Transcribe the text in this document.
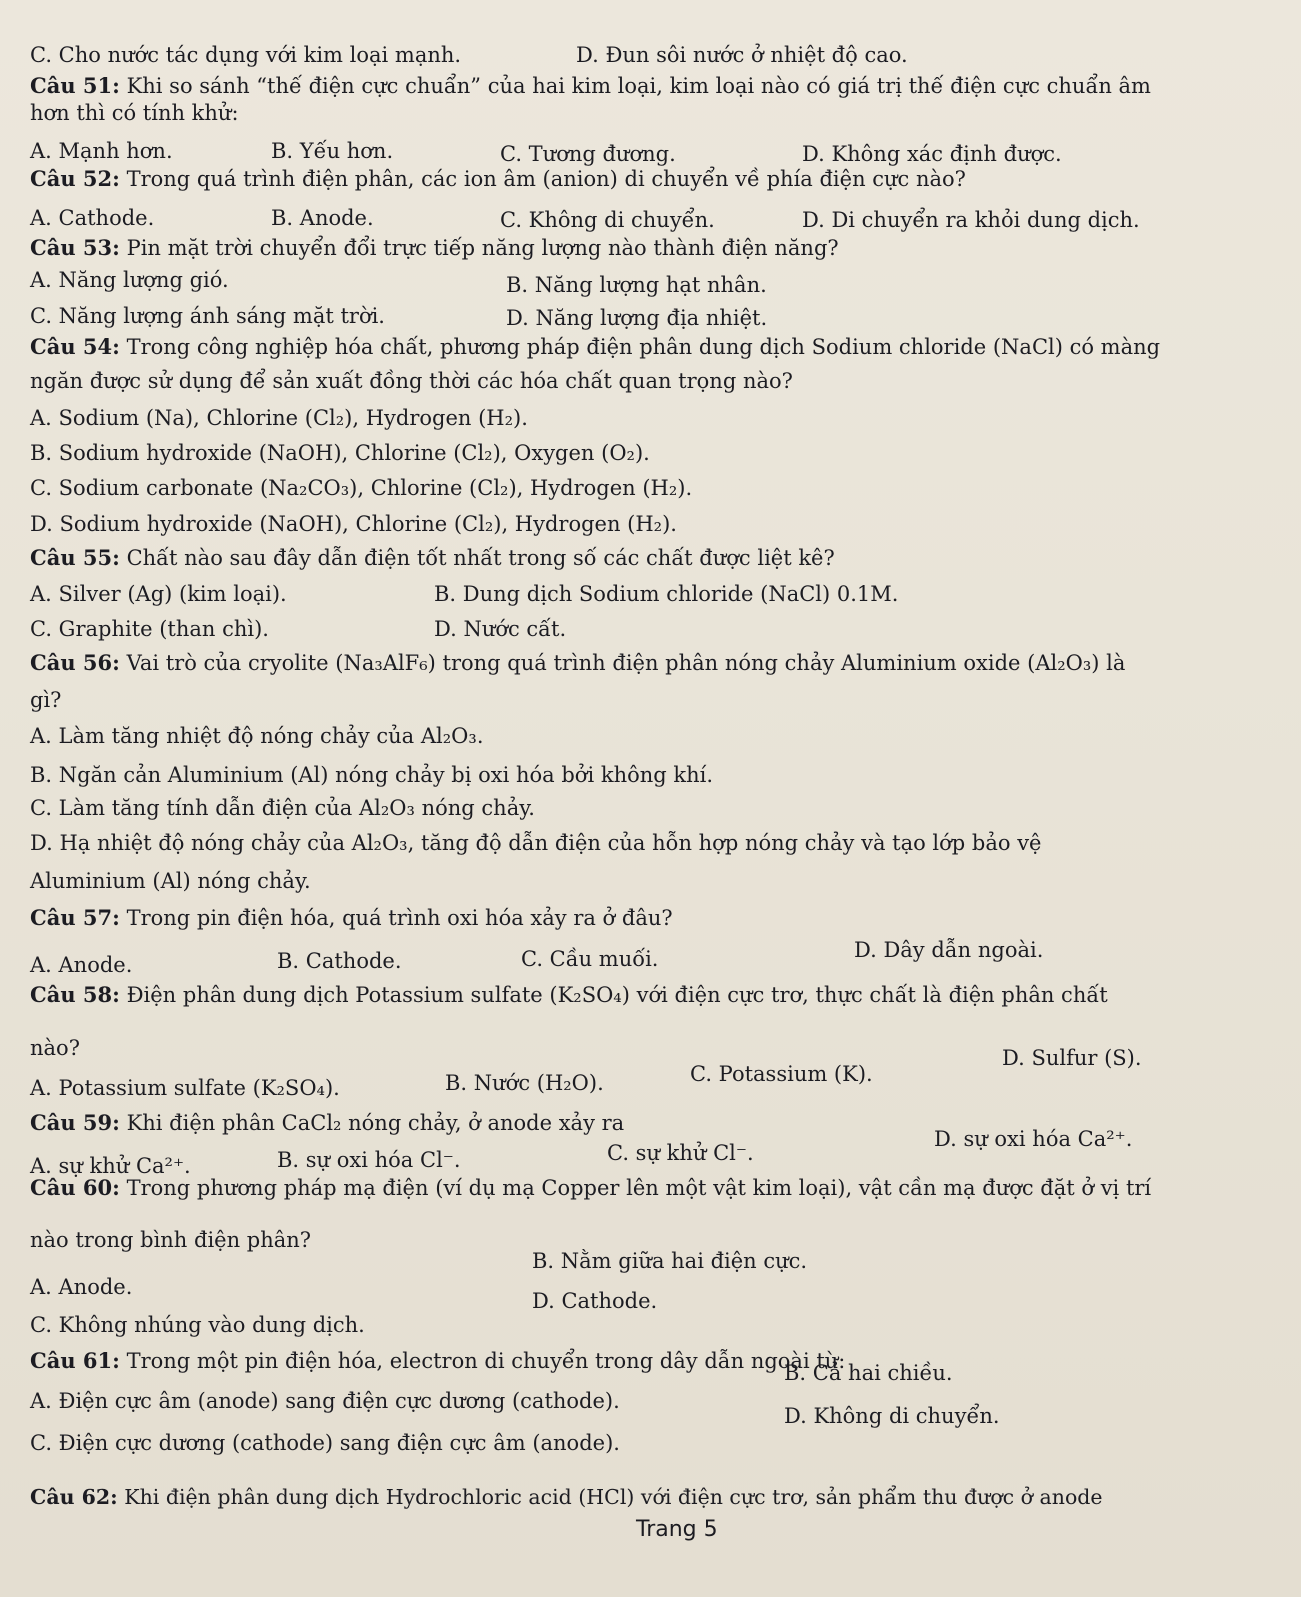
C. Cho nước tác dụng với kim loại mạnh.	D. Đun sôi nước ở nhiệt độ cao.
Câu 51: Khi so sánh “thế điện cực chuẩn” của hai kim loại, kim loại nào có giá trị thế điện cực chuẩn âm
hơn thì có tính khử:
A. Mạnh hơn.	B. Yếu hơn.	C. Tương đương.	D. Không xác định được.
Câu 52: Trong quá trình điện phân, các ion âm (anion) di chuyển về phía điện cực nào?
A. Cathode.	B. Anode.	C. Không di chuyển.	D. Di chuyển ra khỏi dung dịch.
Câu 53: Pin mặt trời chuyển đổi trực tiếp năng lượng nào thành điện năng?
A. Năng lượng gió.	B. Năng lượng hạt nhân.
C. Năng lượng ánh sáng mặt trời.	D. Năng lượng địa nhiệt.
Câu 54: Trong công nghiệp hóa chất, phương pháp điện phân dung dịch Sodium chloride (NaCl) có màng
ngăn được sử dụng để sản xuất đồng thời các hóa chất quan trọng nào?
A. Sodium (Na), Chlorine (Cl₂), Hydrogen (H₂).
B. Sodium hydroxide (NaOH), Chlorine (Cl₂), Oxygen (O₂).
C. Sodium carbonate (Na₂CO₃), Chlorine (Cl₂), Hydrogen (H₂).
D. Sodium hydroxide (NaOH), Chlorine (Cl₂), Hydrogen (H₂).
Câu 55: Chất nào sau đây dẫn điện tốt nhất trong số các chất được liệt kê?
A. Silver (Ag) (kim loại).	B. Dung dịch Sodium chloride (NaCl) 0.1M.
C. Graphite (than chì).	D. Nước cất.
Câu 56: Vai trò của cryolite (Na₃AlF₆) trong quá trình điện phân nóng chảy Aluminium oxide (Al₂O₃) là
gì?
A. Làm tăng nhiệt độ nóng chảy của Al₂O₃.
B. Ngăn cản Aluminium (Al) nóng chảy bị oxi hóa bởi không khí.
C. Làm tăng tính dẫn điện của Al₂O₃ nóng chảy.
D. Hạ nhiệt độ nóng chảy của Al₂O₃, tăng độ dẫn điện của hỗn hợp nóng chảy và tạo lớp bảo vệ
Aluminium (Al) nóng chảy.
Câu 57: Trong pin điện hóa, quá trình oxi hóa xảy ra ở đâu?
A. Anode.	B. Cathode.	C. Cầu muối.	D. Dây dẫn ngoài.
Câu 58: Điện phân dung dịch Potassium sulfate (K₂SO₄) với điện cực trơ, thực chất là điện phân chất
nào?
A. Potassium sulfate (K₂SO₄).	B. Nước (H₂O).	C. Potassium (K).
D. Sulfur (S).
Câu 59: Khi điện phân CaCl₂ nóng chảy, ở anode xảy ra
A. sự khử Ca²⁺.	B. sự oxi hóa Cl⁻.	C. sự khử Cl⁻.
D. sự oxi hóa Ca²⁺.
Câu 60: Trong phương pháp mạ điện (ví dụ mạ Copper lên một vật kim loại), vật cần mạ được đặt ở vị trí
nào trong bình điện phân?
B. Nằm giữa hai điện cực.
A. Anode.
D. Cathode.
C. Không nhúng vào dung dịch.
Câu 61: Trong một pin điện hóa, electron di chuyển trong dây dẫn ngoài từ:
A. Điện cực âm (anode) sang điện cực dương (cathode).
B. Cả hai chiều.
C. Điện cực dương (cathode) sang điện cực âm (anode).
D. Không di chuyển.
Câu 62: Khi điện phân dung dịch Hydrochloric acid (HCl) với điện cực trơ, sản phẩm thu được ở anode
Trang 5
